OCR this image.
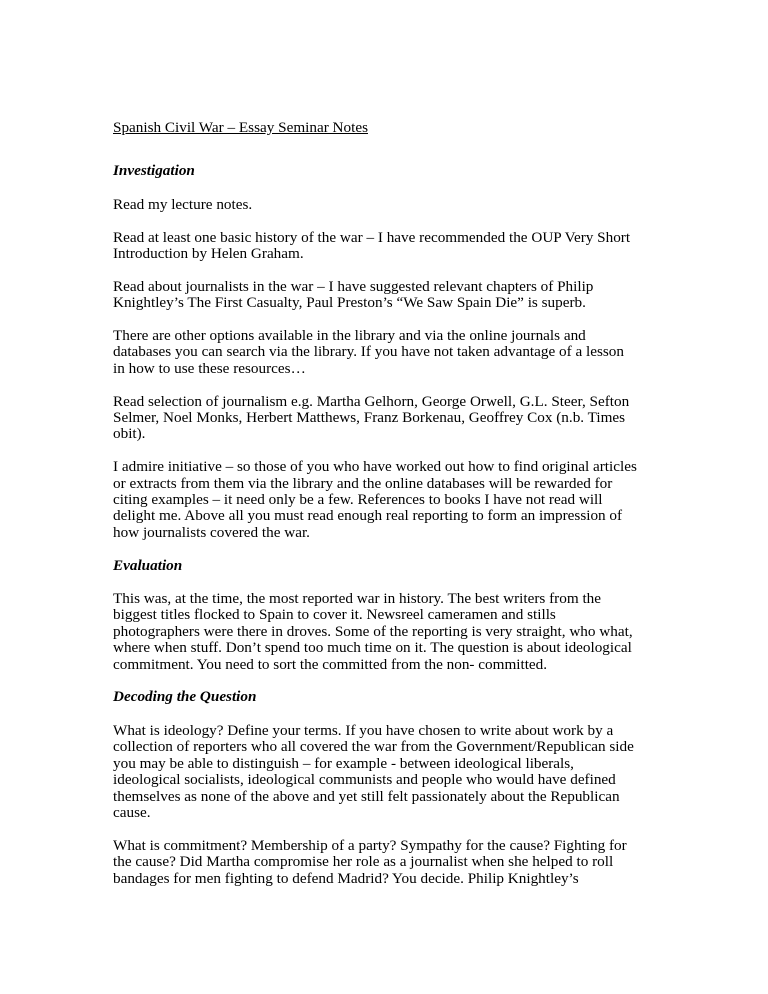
Spanish Civil War – Essay Seminar Notes
Investigation
Read my lecture notes.
Read at least one basic history of the war – I have recommended the OUP Very Short
Introduction by Helen Graham.
Read about journalists in the war – I have suggested relevant chapters of Philip
Knightley’s The First Casualty, Paul Preston’s “We Saw Spain Die” is superb.
There are other options available in the library and via the online journals and
databases you can search via the library. If you have not taken advantage of a lesson
in how to use these resources…
Read selection of journalism e.g. Martha Gelhorn, George Orwell, G.L. Steer, Sefton
Selmer, Noel Monks, Herbert Matthews, Franz Borkenau, Geoffrey Cox (n.b. Times
obit).
I admire initiative – so those of you who have worked out how to find original articles
or extracts from them via the library and the online databases will be rewarded for
citing examples – it need only be a few. References to books I have not read will
delight me. Above all you must read enough real reporting to form an impression of
how journalists covered the war.
Evaluation
This was, at the time, the most reported war in history. The best writers from the
biggest titles flocked to Spain to cover it. Newsreel cameramen and stills
photographers were there in droves. Some of the reporting is very straight, who what,
where when stuff. Don’t spend too much time on it. The question is about ideological
commitment. You need to sort the committed from the non- committed.
Decoding the Question
What is ideology? Define your terms. If you have chosen to write about work by a
collection of reporters who all covered the war from the Government/Republican side
you may be able to distinguish – for example - between ideological liberals,
ideological socialists, ideological communists and people who would have defined
themselves as none of the above and yet still felt passionately about the Republican
cause.
What is commitment? Membership of a party? Sympathy for the cause? Fighting for
the cause? Did Martha compromise her role as a journalist when she helped to roll
bandages for men fighting to defend Madrid? You decide. Philip Knightley’s
